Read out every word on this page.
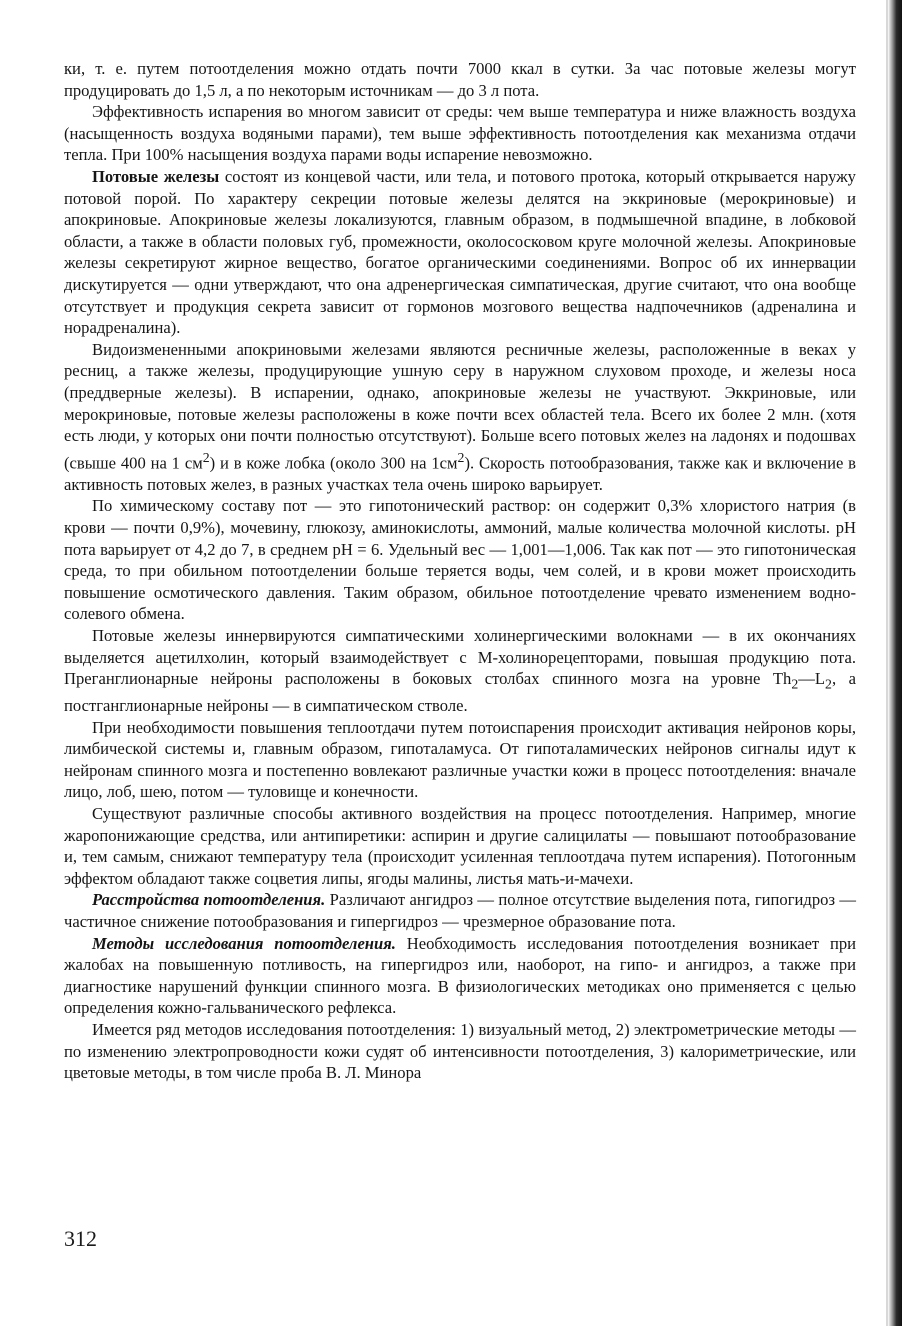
ки, т. е. путем потоотделения можно отдать почти 7000 ккал в сутки. За час потовые железы могут продуцировать до 1,5 л, а по некоторым источникам — до 3 л пота.

Эффективность испарения во многом зависит от среды: чем выше температура и ниже влажность воздуха (насыщенность воздуха водяными парами), тем выше эффективность потоотделения как механизма отдачи тепла. При 100% насыщения воздуха парами воды испарение невозможно.

Потовые железы состоят из концевой части, или тела, и потового протока, который открывается наружу потовой порой. По характеру секреции потовые железы делятся на эккриновые (мерокриновые) и апокриновые. Апокриновые железы локализуются, главным образом, в подмышечной впадине, в лобковой области, а также в области половых губ, промежности, околососковом круге молочной железы. Апокриновые железы секретируют жирное вещество, богатое органическими соединениями. Вопрос об их иннервации дискутируется — одни утверждают, что она адренергическая симпатическая, другие считают, что она вообще отсутствует и продукция секрета зависит от гормонов мозгового вещества надпочечников (адреналина и норадреналина).

Видоизмененными апокриновыми железами являются ресничные железы, расположенные в веках у ресниц, а также железы, продуцирующие ушную серу в наружном слуховом проходе, и железы носа (преддверные железы). В испарении, однако, апокриновые железы не участвуют. Эккриновые, или мерокриновые, потовые железы расположены в коже почти всех областей тела. Всего их более 2 млн. (хотя есть люди, у которых они почти полностью отсутствуют). Больше всего потовых желез на ладонях и подошвах (свыше 400 на 1 $см^2$) и в коже лобка (около 300 на $1см^2$). Скорость потообразования, также как и включение в активность потовых желез, в разных участках тела очень широко варьирует.

По химическому составу пот — это гипотонический раствор: он содержит 0,3% хлористого натрия (в крови — почти 0,9%), мочевину, глюкозу, аминокислоты, аммоний, малые количества молочной кислоты. pH пота варьирует от 4,2 до 7, в среднем pH = 6. Удельный вес — 1,001—1,006. Так как пот — это гипотоническая среда, то при обильном потоотделении больше теряется воды, чем солей, и в крови может происходить повышение осмотического давления. Таким образом, обильное потоотделение чревато изменением водно-солевого обмена.

Потовые железы иннервируются симпатическими холинергическими волокнами — в их окончаниях выделяется ацетилхолин, который взаимодействует с М-холинорецепторами, повышая продукцию пота. Преганглионарные нейроны расположены в боковых столбах спинного мозга на уровне $Th_2—L_2$, а постганглионарные нейроны — в симпатическом стволе.

При необходимости повышения теплоотдачи путем потоиспарения происходит активация нейронов коры, лимбической системы и, главным образом, гипоталамуса. От гипоталамических нейронов сигналы идут к нейронам спинного мозга и постепенно вовлекают различные участки кожи в процесс потоотделения: вначале лицо, лоб, шею, потом — туловище и конечности.

Существуют различные способы активного воздействия на процесс потоотделения. Например, многие жаропонижающие средства, или антипиретики: аспирин и другие салицилаты — повышают потообразование и, тем самым, снижают температуру тела (происходит усиленная теплоотдача путем испарения). Потогонным эффектом обладают также соцветия липы, ягоды малины, листья мать-и-мачехи.

Расстройства потоотделения. Различают ангидроз — полное отсутствие выделения пота, гипогидроз — частичное снижение потообразования и гипергидроз — чрезмерное образование пота.

Методы исследования потоотделения. Необходимость исследования потоотделения возникает при жалобах на повышенную потливость, на гипергидроз или, наоборот, на гипо- и ангидроз, а также при диагностике нарушений функции спинного мозга. В физиологических методиках оно применяется с целью определения кожно-гальванического рефлекса.

Имеется ряд методов исследования потоотделения: 1) визуальный метод, 2) электрометрические методы — по изменению электропроводности кожи судят об интенсивности потоотделения, 3) калориметрические, или цветовые методы, в том числе проба В. Л. Минора

312
